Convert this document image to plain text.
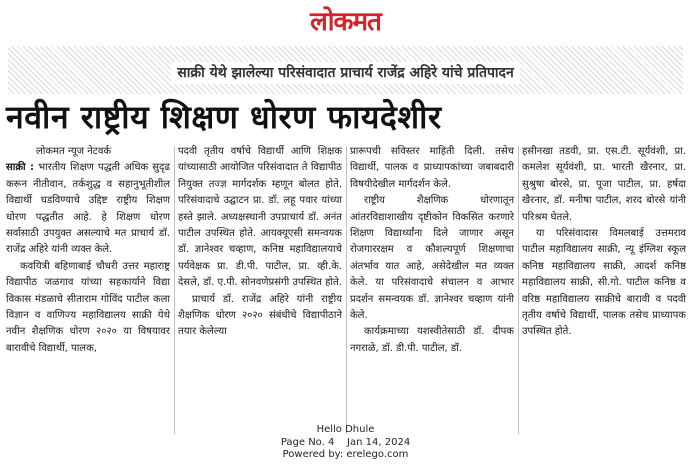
लोकमत
साक्री येथे झालेल्या परिसंवादात प्राचार्य राजेंद्र अहिरे यांचे प्रतिपादन
नवीन राष्ट्रीय शिक्षण धोरण फायदेशीर
लोकमत न्यूज नेटवर्क

साक्री : भारतीय शिक्षण पद्धती अधिक सुदृढ करून नीतीवान, तर्कशुद्ध व सहानुभूतीशील विद्यार्थी घडविण्याचे उद्दिष्ट राष्ट्रीय शिक्षण धोरण पद्धतीत आहे. हे शिक्षण धोरण सर्वासाठी उपयुक्त असल्याचे मत प्राचार्य डॉ. राजेंद्र अहिरे यांनी व्यक्त केले.

कवयित्री बहिणाबाई चौधरी उत्तर महाराष्ट्र विद्यापीठ जळगाव यांच्या सहकार्याने विद्या विकास मंडळाचे सीताराम गोविंद पाटील कला विज्ञान व वाणिज्य महाविद्यालय साक्री येथे नवीन शैक्षणिक धोरण २०२० या विषयावर बारावीचे विद्यार्थी, पालक,

पदवी तृतीय वर्षाचे विद्यार्थी आणि शिक्षक यांच्यासाठी आयोजित परिसंवादात ते विद्यापीठ नियुक्त तज्ज्ञ मार्गदर्शक म्हणून बोलत होते. परिसंवादाचे उद्घाटन प्रा. डॉ. लहू पवार यांच्या हस्ते झाले. अध्यक्षस्थानी उपप्राचार्य डॉ. अनंत पाटील उपस्थित होते. आयक्यूएसी समन्वयक डॉ. ज्ञानेश्वर चव्हाण, कनिष्ठ महाविद्यालयाचे पर्यवेक्षक प्रा. डी.पी. पाटील, प्रा. व्ही.के. देसले, डॉ. ए.पी. सोनवणेप्रसंगी उपस्थित होते.

प्राचार्य डॉ. राजेंद्र अहिरे यांनी राष्ट्रीय शैक्षणिक धोरण २०२० संबंधीचे विद्यापीठाने तयार केलेल्या

प्रारूपची सविस्तर माहिती दिली. तसेच विद्यार्थी, पालक व प्राध्यापकांच्या जबाबदारी विषयीदेखील मार्गदर्शन केले.

राष्ट्रीय शैक्षणिक धोरणातून आंतरविद्याशाखीय दृष्टीकोन विकसित करणारे शिक्षण विद्यार्थ्यांना दिले जाणार असून रोजगाररक्षम व कौशल्यपूर्ण शिक्षणाचा अंतर्भाव यात आहे, असेदेखील मत व्यक्त केले. या परिसंवादाचे संचालन व आभार प्रदर्शन समन्वयक डॉ. ज्ञानेश्वर चव्हाण यांनी केले.

कार्यक्रमाच्या यशस्वीतेसाठी डॉ. दीपक नगराळे, डॉ. डी.पी. पाटील, डॉ.

हसीनखा तडवी, प्रा. एस.टी. सूर्यवंशी, प्रा. कमलेश सूर्यवंशी, प्रा. भारती खैरनार, प्रा. सुश्रुषा बोरसे, प्रा. पूजा पाटील, प्रा. हर्षदा खैरनार, डॉ. मनीषा पाटील, शरद बोरसे यांनी परिश्रम घेतले.

या परिसंवादास विमलबाई उत्तमराव पाटील महाविद्यालय साक्री, न्यू इंग्लिश स्कूल कनिष्ठ महाविद्यालय साक्री, आदर्श कनिष्ठ महाविद्यालय साक्री, सी.गो. पाटील कनिष्ठ व वरिष्ठ महाविद्यालय साक्रीचे बारावी व पदवी तृतीय वर्षाचे विद्यार्थी, पालक तसेच प्राध्यापक उपस्थित होते.

Hello Dhule
Page No. 4    Jan 14, 2024
Powered by: erelego.com
